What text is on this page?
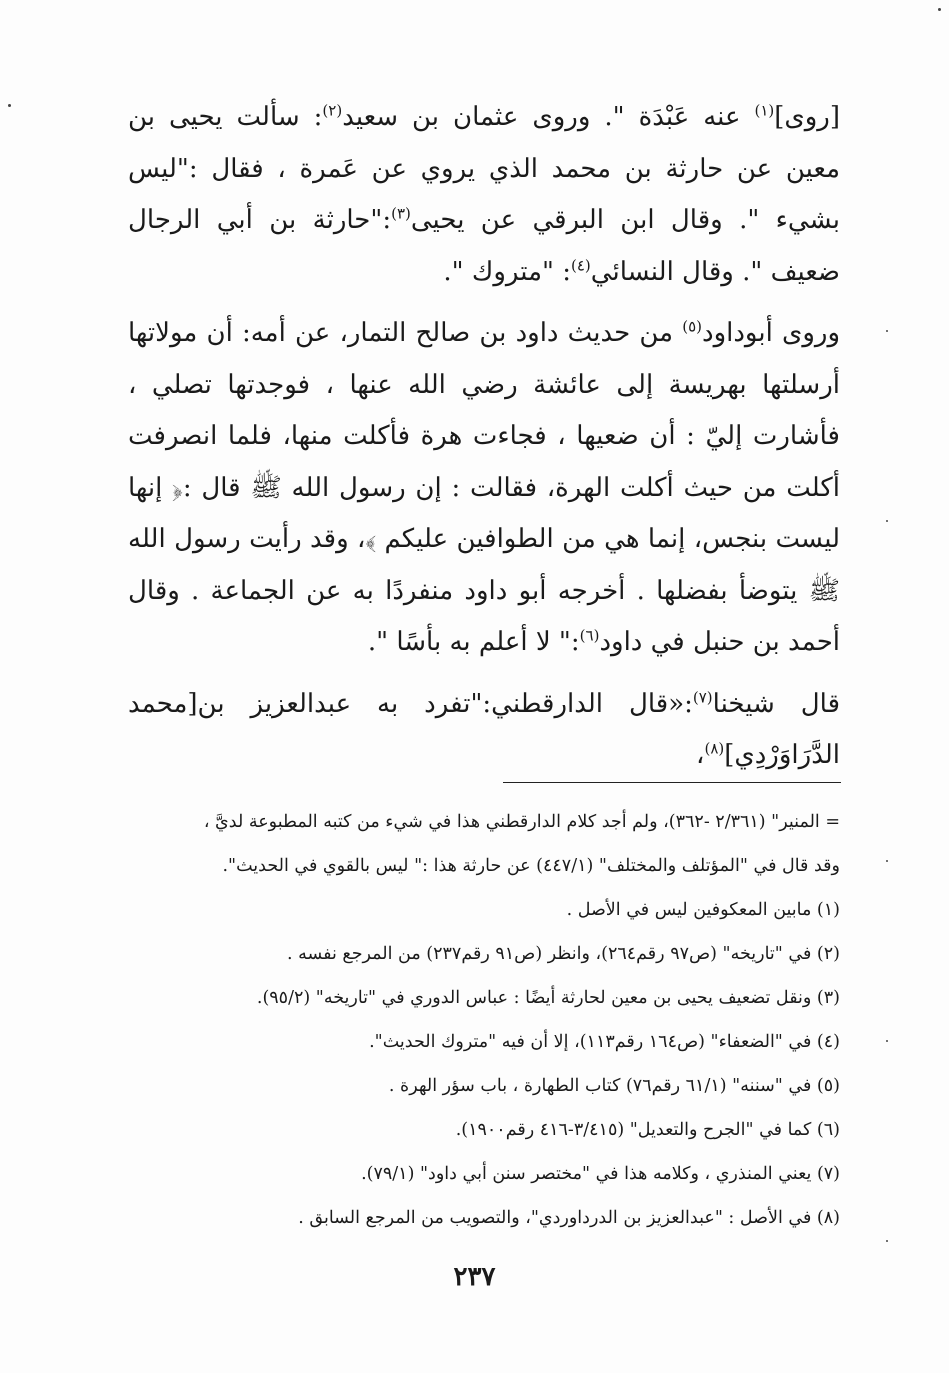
[روى]$^{(١)}$ عنه عَبْدَة ". وروى عثمان بن سعيد$^{(٢)}$: سألت يحيى بن معين عن حارثة بن محمد الذي يروي عن عَمرة ، فقال :"ليس بشيء ". وقال ابن البرقي عن يحيى$^{(٣)}$:"حارثة بن أبي الرجال ضعيف ". وقال النسائي$^{(٤)}$: "متروك ".

وروى أبوداود$^{(٥)}$ من حديث داود بن صالح التمار، عن أمه: أن مولاتها أرسلتها بهريسة إلى عائشة رضي الله عنها ، فوجدتها تصلي ، فأشارت إليّ : أن ضعيها ، فجاءت هرة فأكلت منها، فلما انصرفت أكلت من حيث أكلت الهرة، فقالت : إن رسول الله ﷺ قال :﴿ إنها ليست بنجس، إنما هي من الطوافين عليكم ﴾، وقد رأيت رسول الله ﷺ يتوضأ بفضلها . أخرجه أبو داود منفردًا به عن الجماعة . وقال أحمد بن حنبل في داود$^{(٦)}$:" لا أعلم به بأسًا ".

قال شيخنا$^{(٧)}$:«قال الدارقطني:"تفرد به عبدالعزيز بن[محمد الدَّرَاوَرْدِي]$^{(٨)}$،

= المنير" (٢/٣٦١ -٣٦٢)، ولم أجد كلام الدارقطني هذا في شيء من كتبه المطبوعة لديَّ ،

وقد قال في "المؤتلف والمختلف" (٤٤٧/١) عن حارثة هذا :" ليس بالقوي في الحديث".

(١) مابين المعكوفين ليس في الأصل .

(٢) في "تاريخه" (ص٩٧ رقم٢٦٤)، وانظر (ص٩١ رقم٢٣٧) من المرجع نفسه .

(٣) ونقل تضعيف يحيى بن معين لحارثة أيضًا : عباس الدوري في "تاريخه" (٩٥/٢).

(٤) في "الضعفاء" (ص١٦٤ رقم١١٣)، إلا أن فيه "متروك الحديث".

(٥) في "سننه" (٦١/١ رقم٧٦) كتاب الطهارة ، باب سؤر الهرة .

(٦) كما في "الجرح والتعديل" (٣/٤١٥-٤١٦ رقم١٩٠٠).

(٧) يعني المنذري ، وكلامه هذا في "مختصر سنن أبي داود" (٧٩/١).

(٨) في الأصل : "عبدالعزيز بن الدرداوردي"، والتصويب من المرجع السابق .

٢٣٧
